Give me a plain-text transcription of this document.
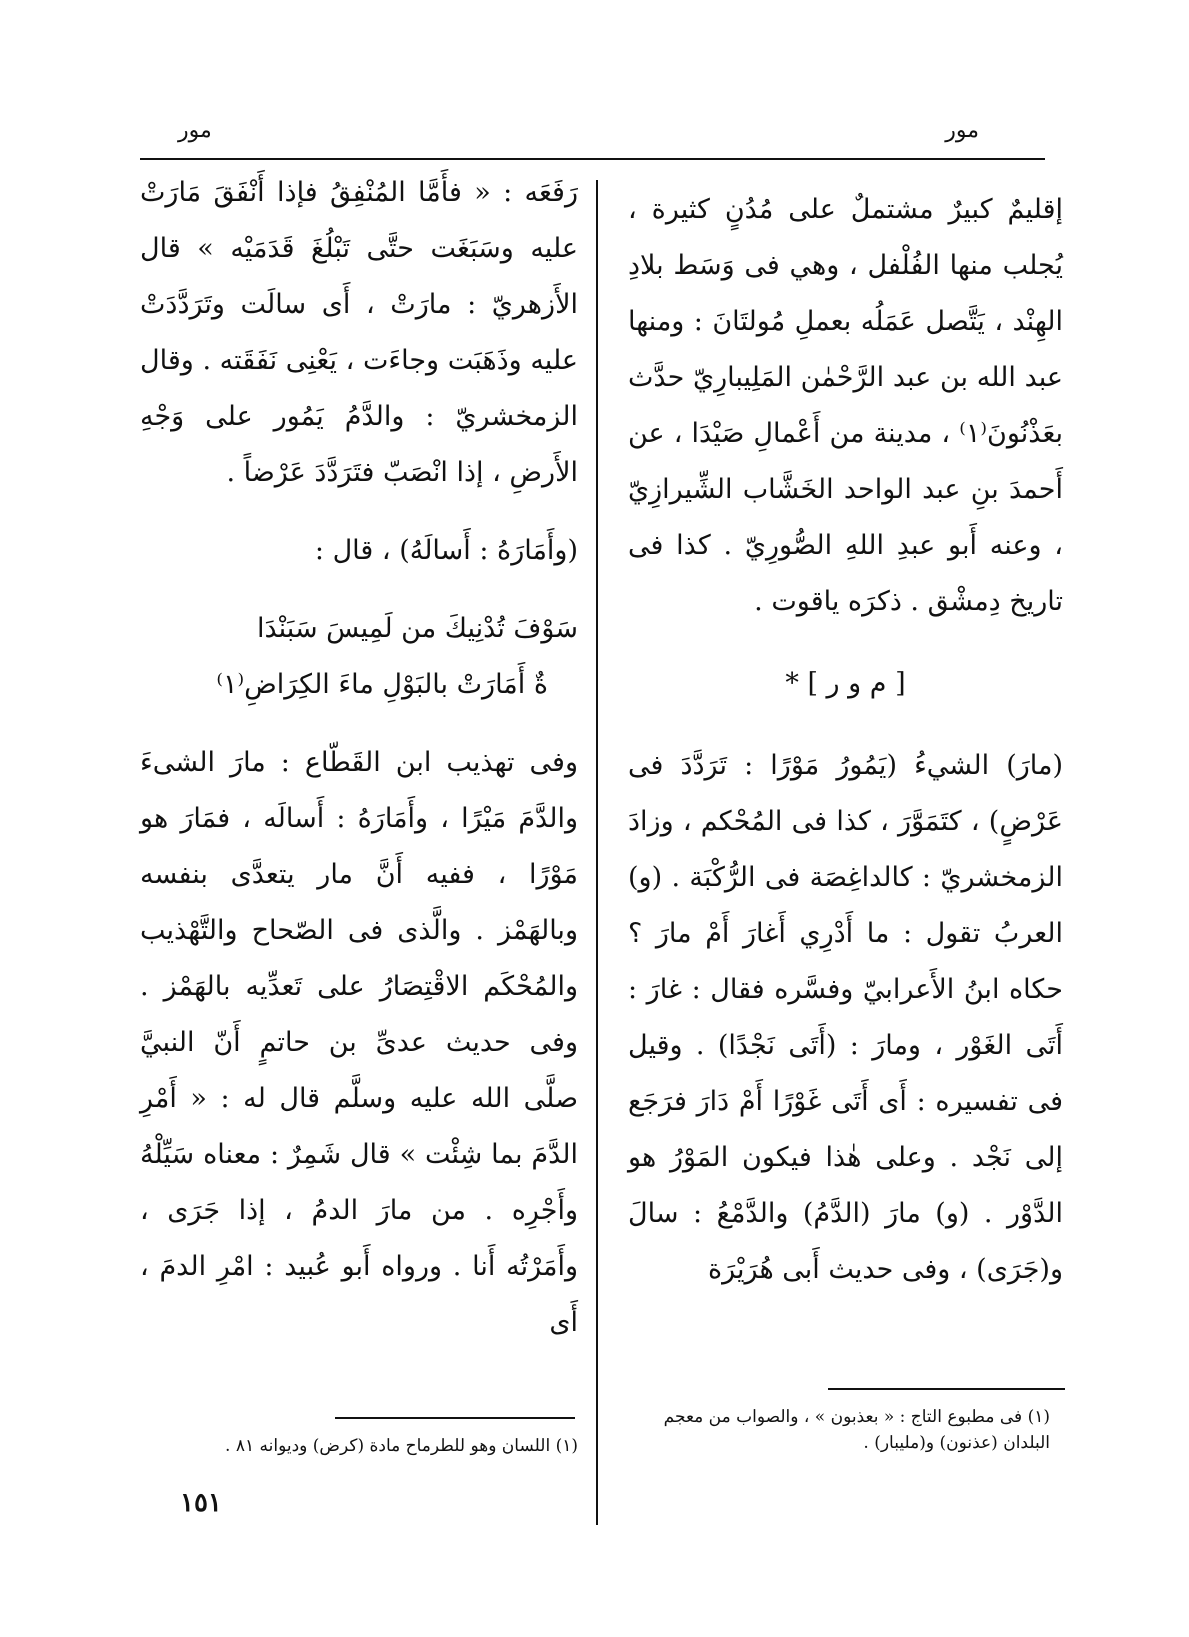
مور
مور

إقليمٌ كبيرٌ مشتملٌ على مُدُنٍ كثيرة ، يُجلب منها الفُلْفل ، وهي فى وَسَط بلادِ الهِنْد ، يَتَّصل عَمَلُه بعملِ مُولتَانَ : ومنها عبد الله بن عبد الرَّحْمٰن المَلِيبارِيّ حدَّث بعَذْنُونَ⁽١⁾ ، مدينة من أَعْمالِ صَيْدَا ، عن أَحمدَ بنِ عبد الواحد الخَشَّاب الشِّيرازِيّ ، وعنه أَبو عبدِ اللهِ الصُّورِيّ . كذا فى تاريخ دِمشْق . ذكرَه ياقوت .

[ م و ر ] *

(مارَ) الشيءُ (يَمُورُ مَوْرًا : تَرَدَّدَ فى عَرْضٍ) ، كتَمَوَّرَ ، كذا فى المُحْكم ، وزادَ الزمخشريّ : كالداغِصَة فى الرُّكْبَة . (و) العربُ تقول : ما أَدْرِي أَغارَ أَمْ مارَ ؟ حكاه ابنُ الأَعرابيّ وفسَّره فقال : غارَ : أَتَى الغَوْر ، ومارَ : (أَتَى نَجْدًا) . وقيل فى تفسيره : أَى أَتَى غَوْرًا أَمْ دَارَ فرَجَع إلى نَجْد . وعلى هٰذا فيكون المَوْرُ هو الدَّوْر . (و) مارَ (الدَّمُ) والدَّمْعُ : سالَ و(جَرَى) ، وفى حديث أَبى هُرَيْرَة

رَفَعَه : « فأَمَّا المُنْفِقُ فإذا أَنْفَقَ مَارَتْ عليه وسَبَغَت حتَّى تَبْلُغَ قَدَمَيْه » قال الأَزهريّ : مارَتْ ، أَى سالَت وتَرَدَّدَتْ عليه وذَهَبَت وجاءَت ، يَعْنِى نَفَقَته . وقال الزمخشريّ : والدَّمُ يَمُور على وَجْهِ الأَرضِ ، إذا انْصَبّ فتَرَدَّدَ عَرْضاً .

(وأَمَارَهُ : أَسالَهُ) ، قال :

سَوْفَ تُدْنِيكَ من لَمِيسَ سَبَنْدَا

ةٌ أَمَارَتْ بالبَوْلِ ماءَ الكِرَاضِ⁽١⁾

وفى تهذيب ابن القَطّاع : مارَ الشىءَ والدَّمَ مَيْرًا ، وأَمَارَهُ : أَسالَه ، فمَارَ هو مَوْرًا ، ففيه أَنَّ مار يتعدَّى بنفسه وبالهَمْز . والَّذى فى الصّحاح والتَّهْذيب والمُحْكَم الاقْتِصَارُ على تَعدِّيه بالهَمْز . وفى حديث عدىِّ بن حاتمٍ أَنّ النبيَّ صلَّى الله عليه وسلَّم قال له : « أَمْرِ الدَّمَ بما شِئْت » قال شَمِرٌ : معناه سَيِّلْهُ وأَجْرِه . من مارَ الدمُ ، إذا جَرَى ، وأَمَرْتُه أَنا . ورواه أَبو عُبيد : امْرِ الدمَ ، أَى

(١) فى مطبوع التاج : « بعذبون » ، والصواب من معجم البلدان (عذنون) و(مليبار) .
(١) اللسان وهو للطرماح مادة (كرض) وديوانه ٨١ .
١٥١
